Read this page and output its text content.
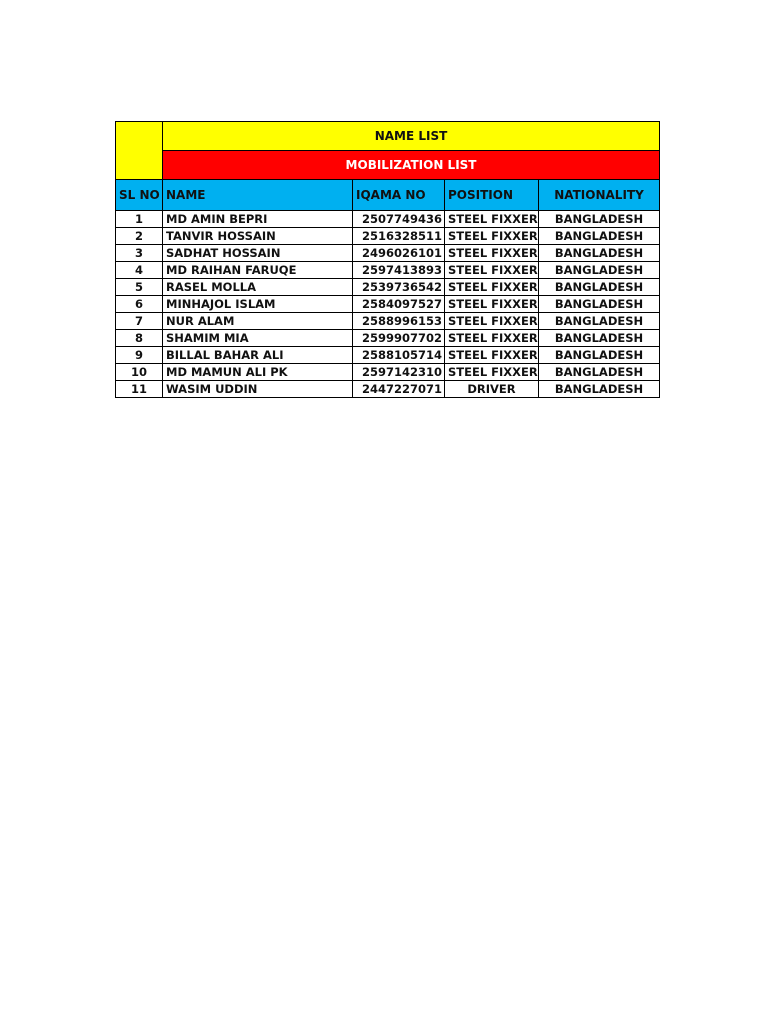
	NAME LIST			
	MOBILIZATION LIST			
SL NO	NAME	IQAMA NO	POSITION	NATIONALITY
1	MD AMIN BEPRI	2507749436	STEEL FIXXER	BANGLADESH
2	TANVIR HOSSAIN	2516328511	STEEL FIXXER	BANGLADESH
3	SADHAT HOSSAIN	2496026101	STEEL FIXXER	BANGLADESH
4	MD RAIHAN FARUQE	2597413893	STEEL FIXXER	BANGLADESH
5	RASEL MOLLA	2539736542	STEEL FIXXER	BANGLADESH
6	MINHAJOL ISLAM	2584097527	STEEL FIXXER	BANGLADESH
7	NUR ALAM	2588996153	STEEL FIXXER	BANGLADESH
8	SHAMIM MIA	2599907702	STEEL FIXXER	BANGLADESH
9	BILLAL BAHAR ALI	2588105714	STEEL FIXXER	BANGLADESH
10	MD MAMUN ALI PK	2597142310	STEEL FIXXER	BANGLADESH
11	WASIM UDDIN	2447227071	DRIVER	BANGLADESH
